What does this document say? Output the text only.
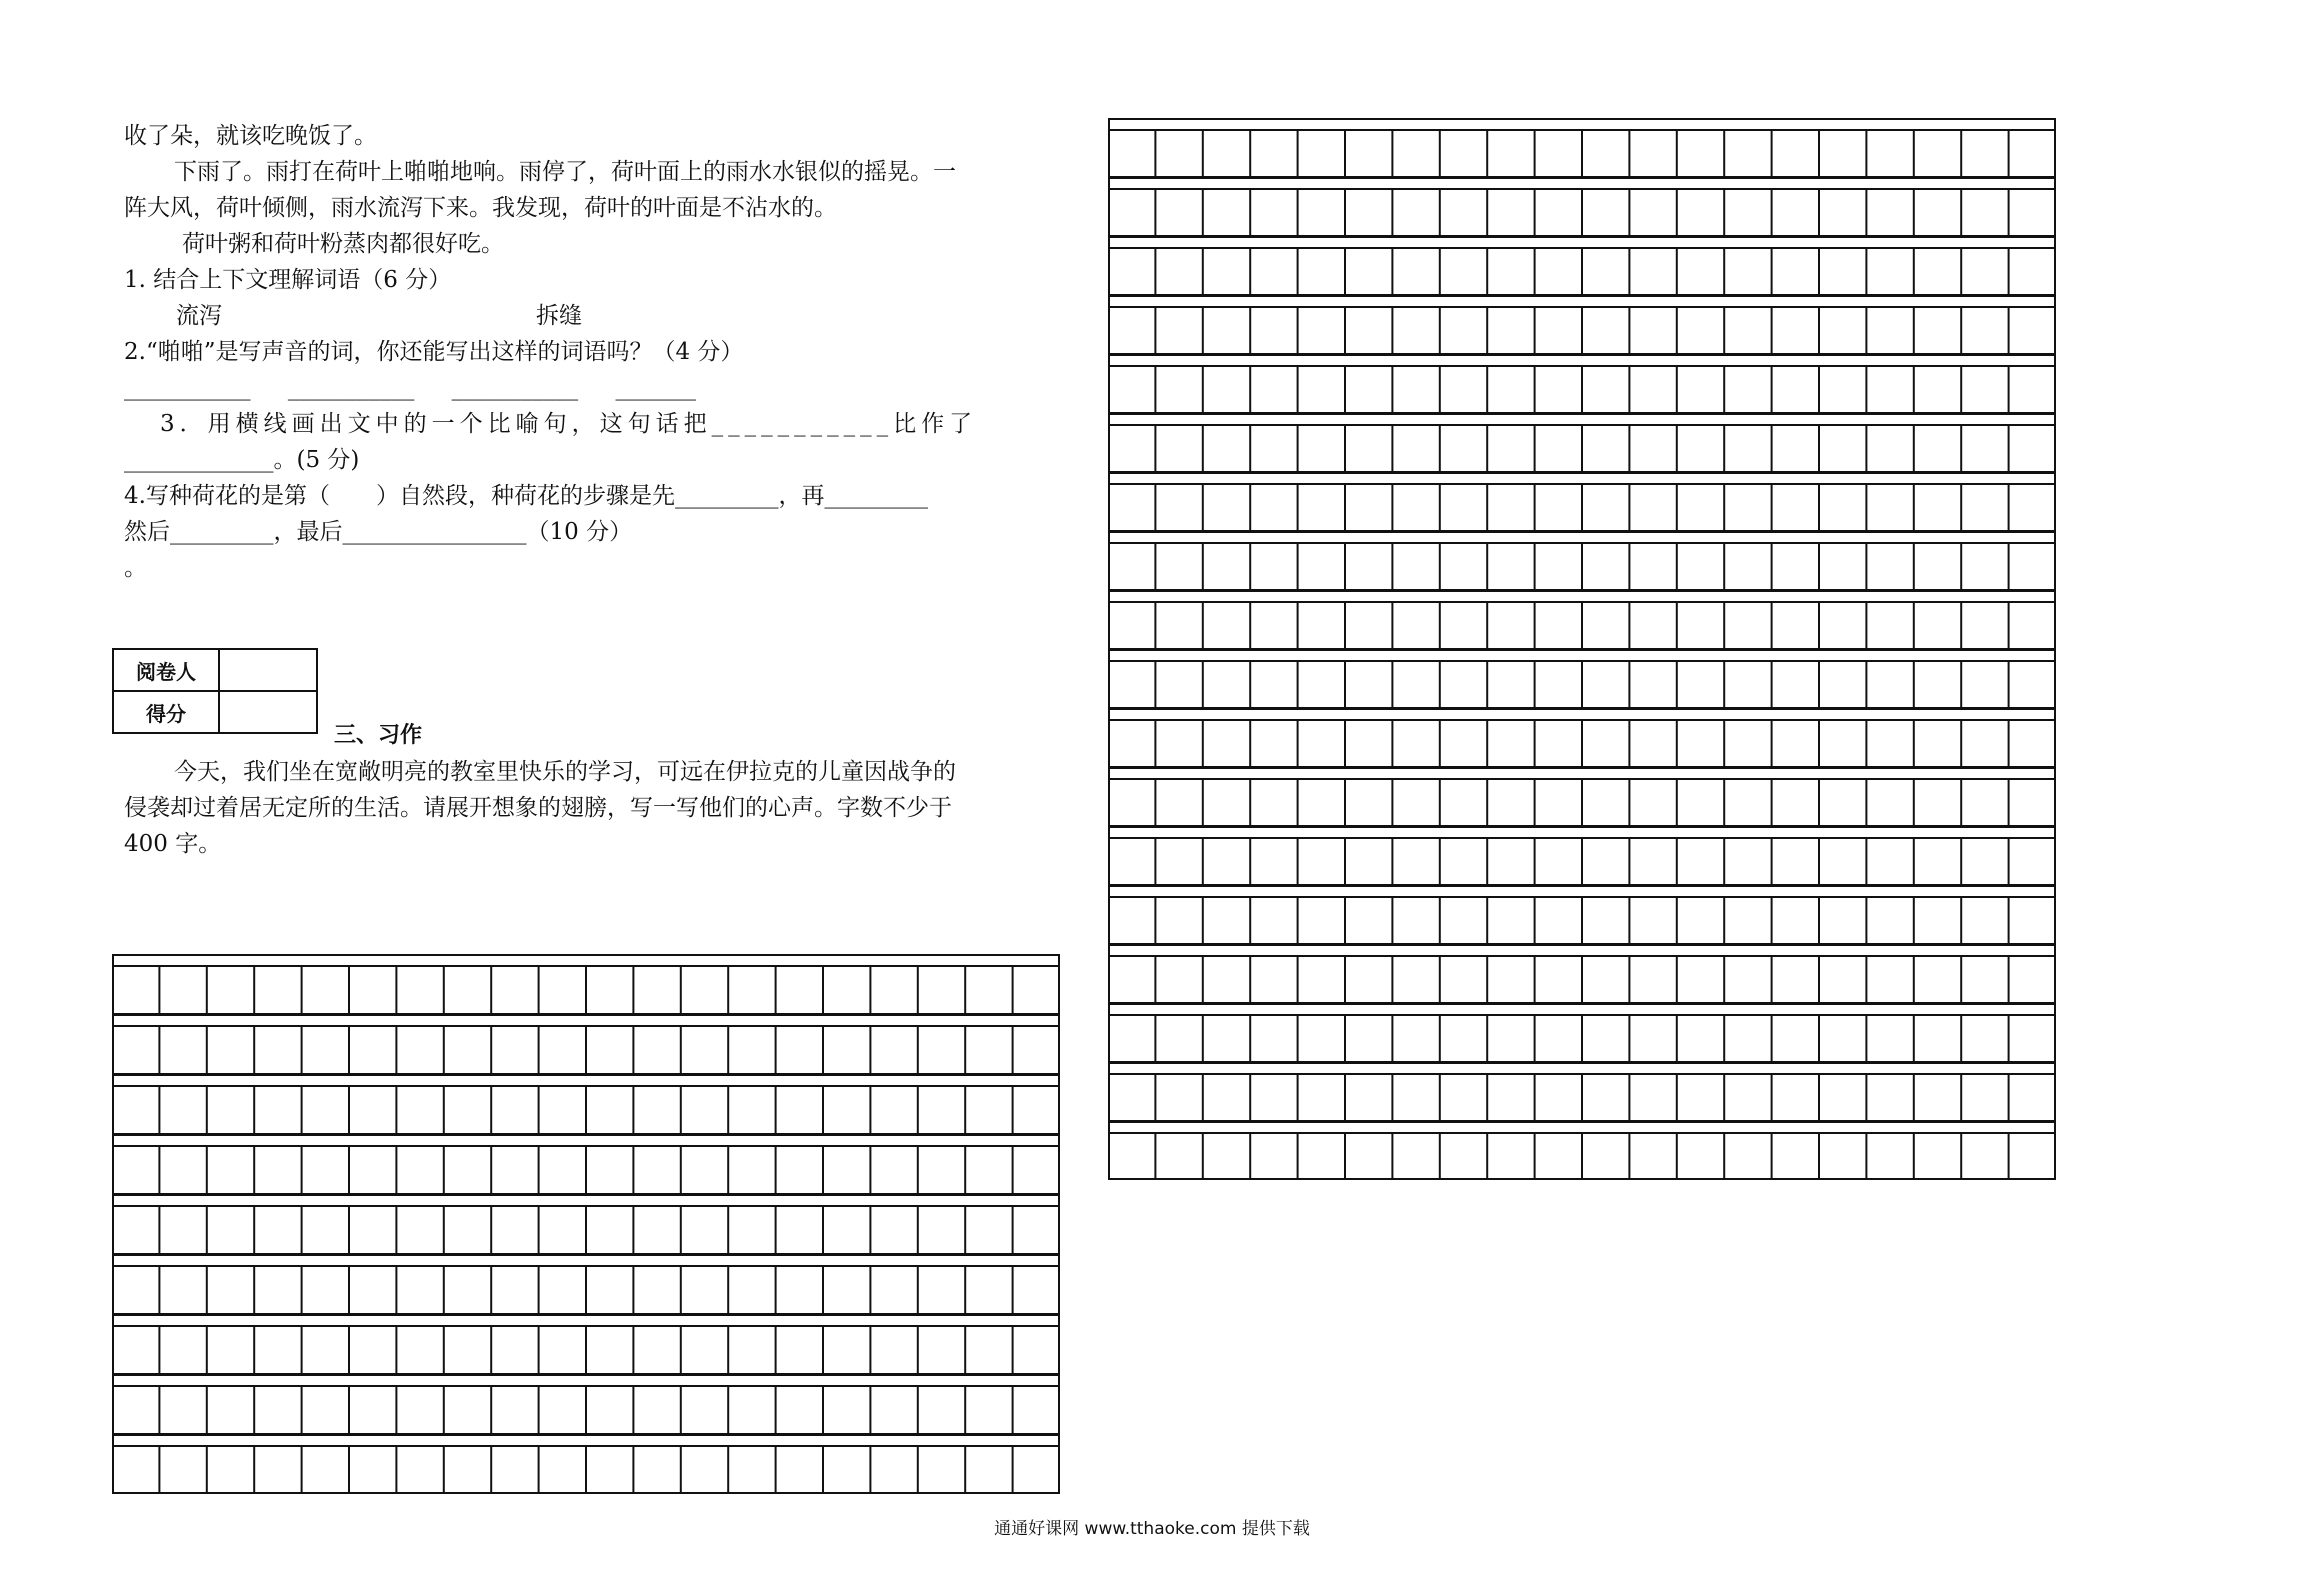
收了朵，就该吃晚饭了。
下雨了。雨打在荷叶上啪啪地响。雨停了，荷叶面上的雨水水银似的摇晃。一
阵大风，荷叶倾侧，雨水流泻下来。我发现，荷叶的叶面是不沾水的。
荷叶粥和荷叶粉蒸肉都很好吃。
1. 结合上下文理解词语（6 分）
流泻	拆缝
2.“啪啪”是写声音的词，你还能写出这样的词语吗？（4 分）
___________ ___________ ___________ _______
3．用横线画出文中的一个比喻句，这句话把___________比作了
_____________。(5 分)
4.写种荷花的是第（　　）自然段，种荷花的步骤是先_________，再_________
然后_________，最后________________（10 分）
。
阅卷人	
得分	
三、习作
今天，我们坐在宽敞明亮的教室里快乐的学习，可远在伊拉克的儿童因战争的
侵袭却过着居无定所的生活。请展开想象的翅膀，写一写他们的心声。字数不少于
400 字。
通通好课网 www.tthaoke.com 提供下载
